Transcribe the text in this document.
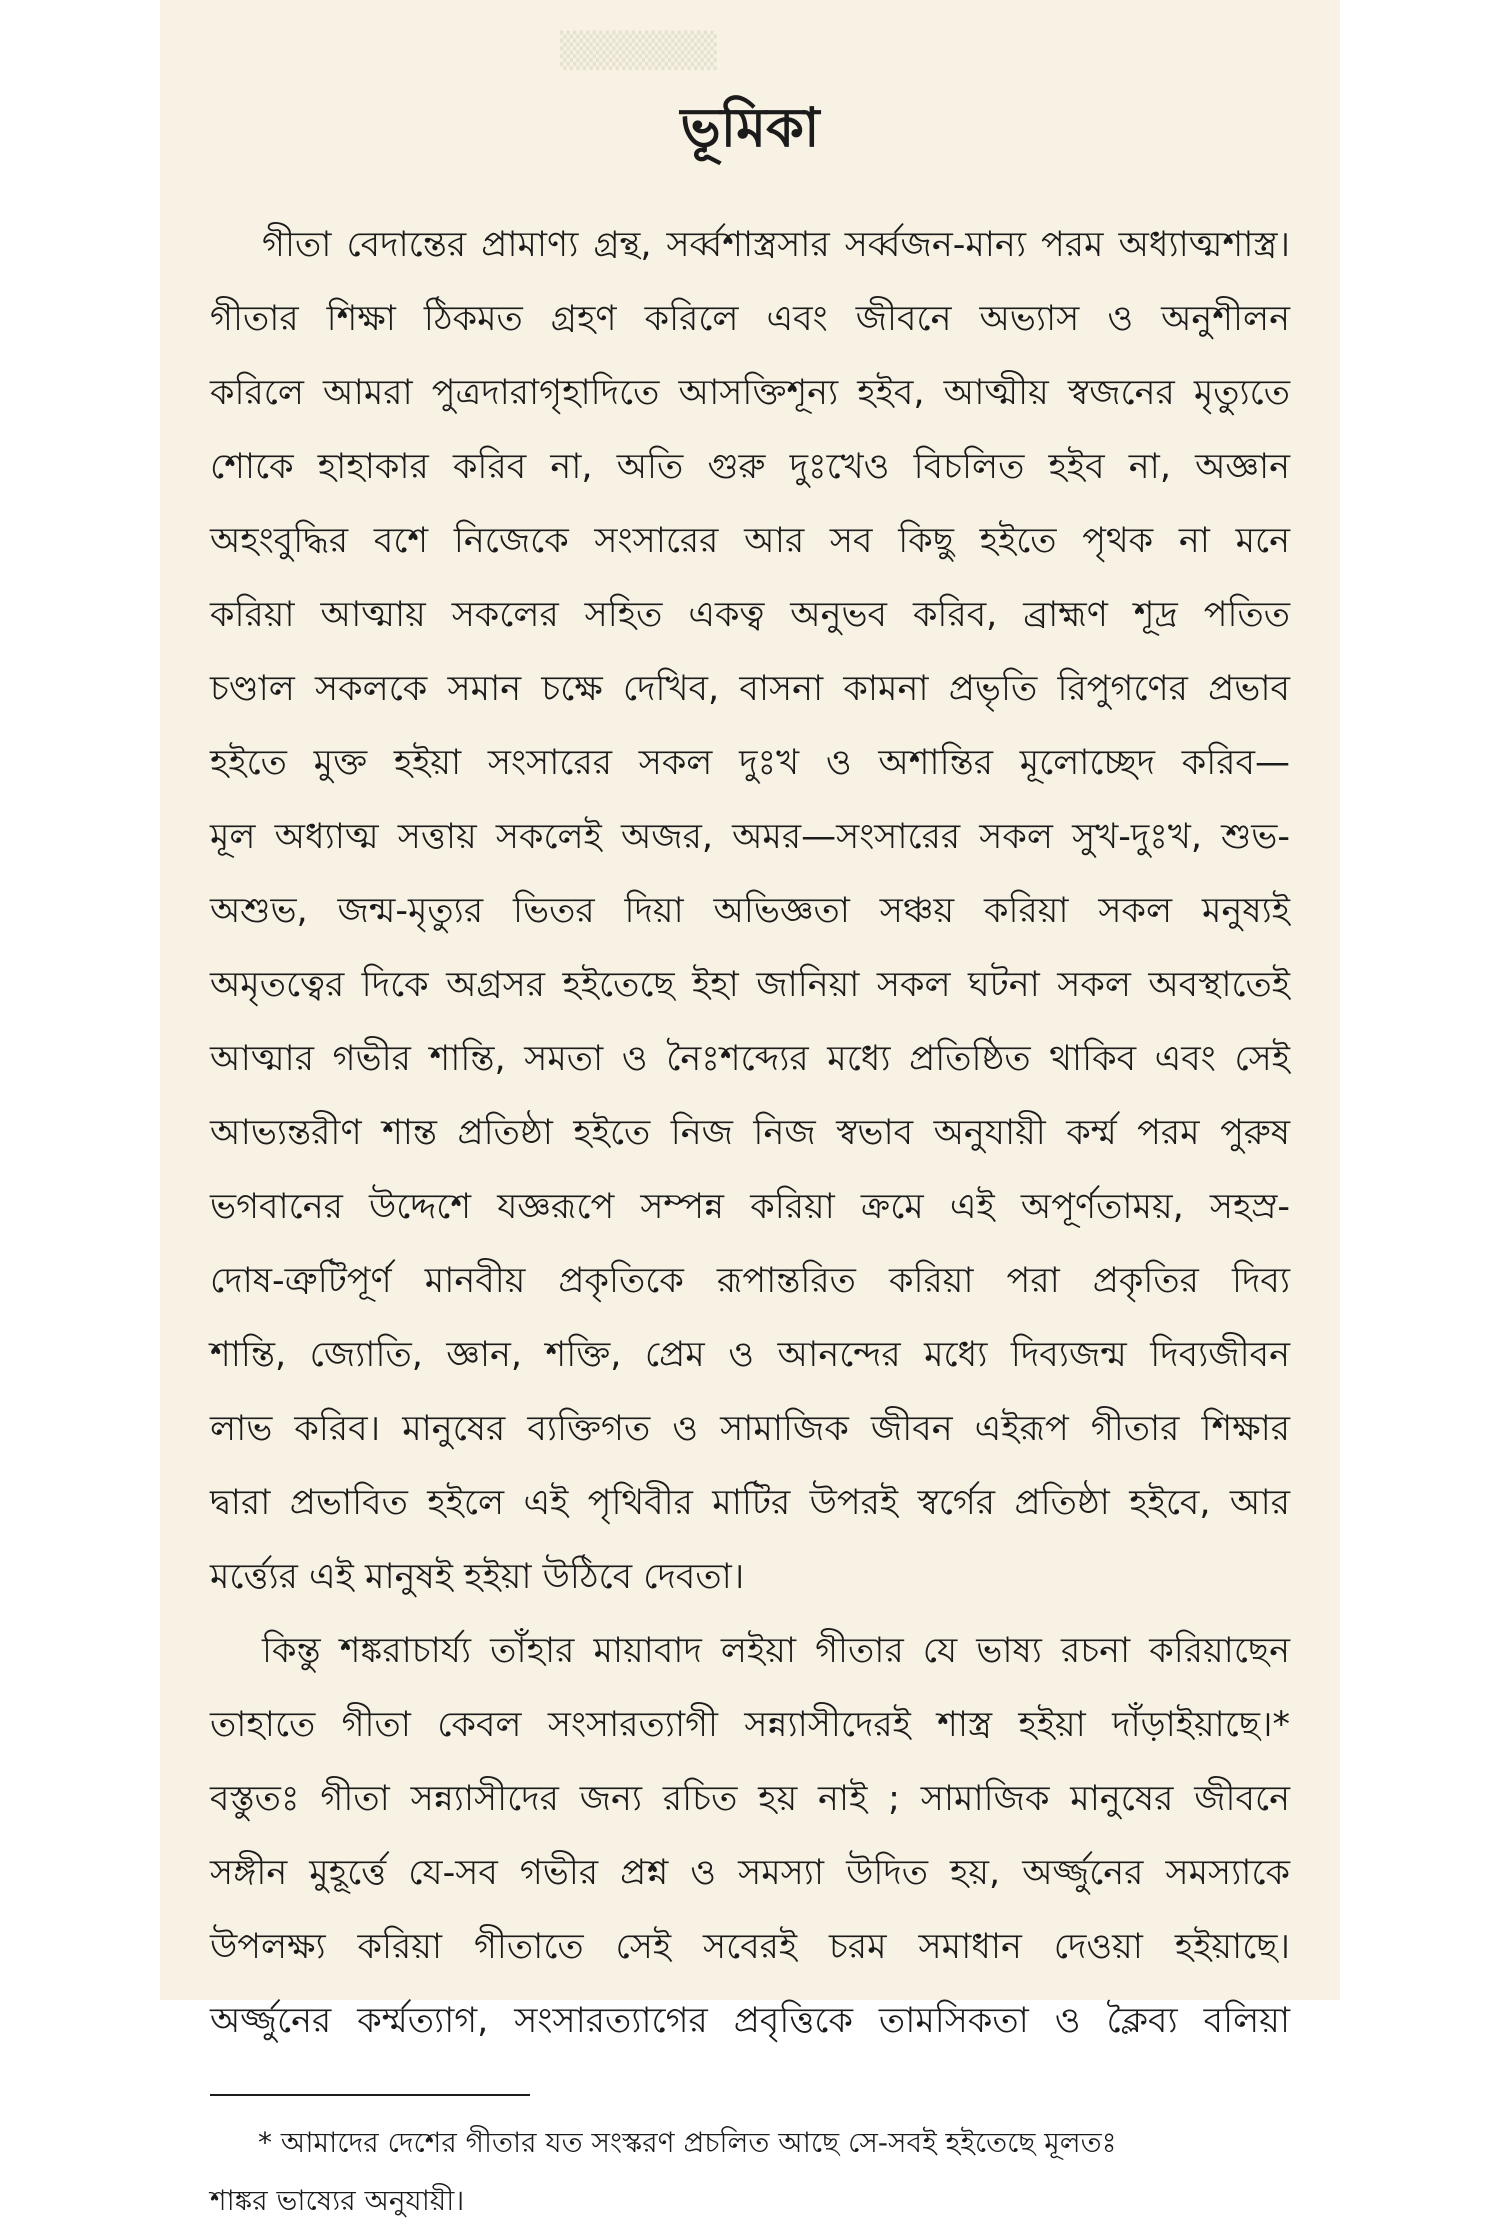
▒▒▒▒▒▒
ভূমিকা
গীতা বেদান্তের প্রামাণ্য গ্রন্থ, সর্ব্বশাস্ত্রসার সর্ব্বজন-মান্য পরম অধ্যাত্মশাস্ত্র।
গীতার শিক্ষা ঠিকমত গ্রহণ করিলে এবং জীবনে অভ্যাস ও অনুশীলন
করিলে আমরা পুত্রদারাগৃহাদিতে আসক্তিশূন্য হইব, আত্মীয় স্বজনের মৃত্যুতে
শোকে হাহাকার করিব না, অতি গুরু দুঃখেও বিচলিত হইব না, অজ্ঞান
অহংবুদ্ধির বশে নিজেকে সংসারের আর সব কিছু হইতে পৃথক না মনে
করিয়া আত্মায় সকলের সহিত একত্ব অনুভব করিব, ব্রাহ্মণ শূদ্র পতিত
চণ্ডাল সকলকে সমান চক্ষে দেখিব, বাসনা কামনা প্রভৃতি রিপুগণের প্রভাব
হইতে মুক্ত হইয়া সংসারের সকল দুঃখ ও অশান্তির মূলোচ্ছেদ করিব—
মূল অধ্যাত্ম সত্তায় সকলেই অজর, অমর—সংসারের সকল সুখ-দুঃখ, শুভ-
অশুভ, জন্ম-মৃত্যুর ভিতর দিয়া অভিজ্ঞতা সঞ্চয় করিয়া সকল মনুষ্যই
অমৃতত্বের দিকে অগ্রসর হইতেছে ইহা জানিয়া সকল ঘটনা সকল অবস্থাতেই
আত্মার গভীর শান্তি, সমতা ও নৈঃশব্দ্যের মধ্যে প্রতিষ্ঠিত থাকিব এবং সেই
আভ্যন্তরীণ শান্ত প্রতিষ্ঠা হইতে নিজ নিজ স্বভাব অনুযায়ী কর্ম্ম পরম পুরুষ
ভগবানের উদ্দেশে যজ্ঞরূপে সম্পন্ন করিয়া ক্রমে এই অপূর্ণতাময়, সহস্র-
দোষ-ত্রুটিপূর্ণ মানবীয় প্রকৃতিকে রূপান্তরিত করিয়া পরা প্রকৃতির দিব্য
শান্তি, জ্যোতি, জ্ঞান, শক্তি, প্রেম ও আনন্দের মধ্যে দিব্যজন্ম দিব্যজীবন
লাভ করিব। মানুষের ব্যক্তিগত ও সামাজিক জীবন এইরূপ গীতার শিক্ষার
দ্বারা প্রভাবিত হইলে এই পৃথিবীর মাটির উপরই স্বর্গের প্রতিষ্ঠা হইবে, আর
মর্ত্ত্যের এই মানুষই হইয়া উঠিবে দেবতা।
কিন্তু শঙ্করাচার্য্য তাঁহার মায়াবাদ লইয়া গীতার যে ভাষ্য রচনা করিয়াছেন
তাহাতে গীতা কেবল সংসারত্যাগী সন্ন্যাসীদেরই শাস্ত্র হইয়া দাঁড়াইয়াছে।*
বস্তুতঃ গীতা সন্ন্যাসীদের জন্য রচিত হয় নাই ; সামাজিক মানুষের জীবনে
সঙ্গীন মুহূর্ত্তে যে-সব গভীর প্রশ্ন ও সমস্যা উদিত হয়, অর্জ্জুনের সমস্যাকে
উপলক্ষ্য করিয়া গীতাতে সেই সবেরই চরম সমাধান দেওয়া হইয়াছে।
অর্জ্জুনের কর্ম্মত্যাগ, সংসারত্যাগের প্রবৃত্তিকে তামসিকতা ও ক্লৈব্য বলিয়া
* আমাদের দেশের গীতার যত সংস্করণ প্রচলিত আছে সে-সবই হইতেছে মূলতঃ
শাঙ্কর ভাষ্যের অনুযায়ী।
